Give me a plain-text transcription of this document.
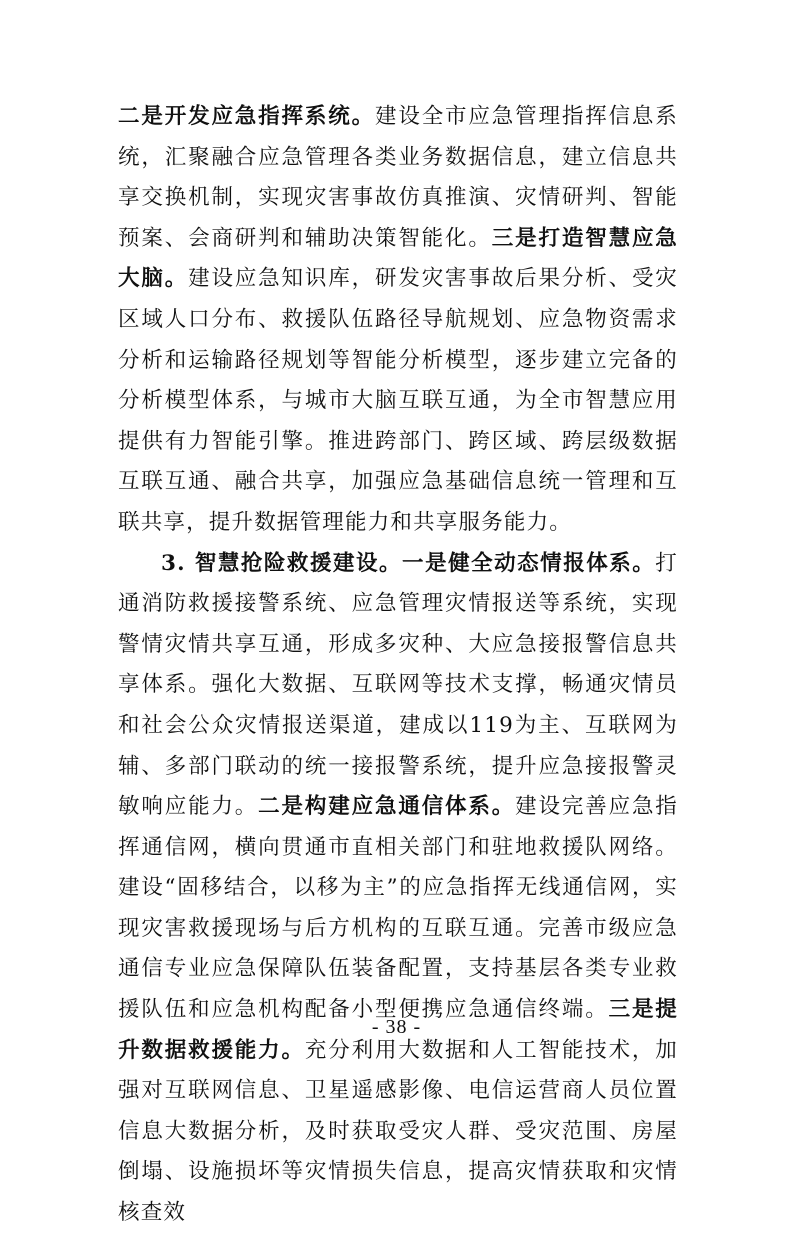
二是开发应急指挥系统。建设全市应急管理指挥信息系统，汇聚融合应急管理各类业务数据信息，建立信息共享交换机制，实现灾害事故仿真推演、灾情研判、智能预案、会商研判和辅助决策智能化。三是打造智慧应急大脑。建设应急知识库，研发灾害事故后果分析、受灾区域人口分布、救援队伍路径导航规划、应急物资需求分析和运输路径规划等智能分析模型，逐步建立完备的分析模型体系，与城市大脑互联互通，为全市智慧应用提供有力智能引擎。推进跨部门、跨区域、跨层级数据互联互通、融合共享，加强应急基础信息统一管理和互联共享，提升数据管理能力和共享服务能力。

3. 智慧抢险救援建设。一是健全动态情报体系。打通消防救援接警系统、应急管理灾情报送等系统，实现警情灾情共享互通，形成多灾种、大应急接报警信息共享体系。强化大数据、互联网等技术支撑，畅通灾情员和社会公众灾情报送渠道，建成以119为主、互联网为辅、多部门联动的统一接报警系统，提升应急接报警灵敏响应能力。二是构建应急通信体系。建设完善应急指挥通信网，横向贯通市直相关部门和驻地救援队网络。建设“固移结合，以移为主”的应急指挥无线通信网，实现灾害救援现场与后方机构的互联互通。完善市级应急通信专业应急保障队伍装备配置，支持基层各类专业救援队伍和应急机构配备小型便携应急通信终端。三是提升数据救援能力。充分利用大数据和人工智能技术，加强对互联网信息、卫星遥感影像、电信运营商人员位置信息大数据分析，及时获取受灾人群、受灾范围、房屋倒塌、设施损坏等灾情损失信息，提高灾情获取和灾情核查效

- 38 -
